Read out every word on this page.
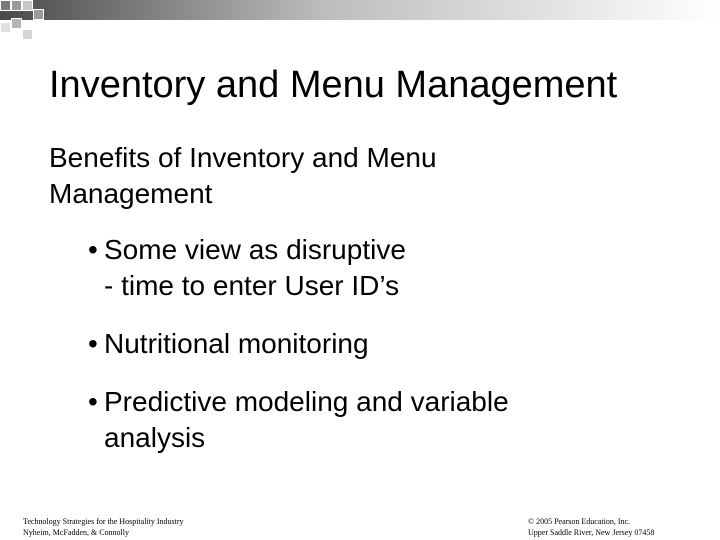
Inventory and Menu Management
Benefits of Inventory and Menu Management
• Some view as disruptive
- time to enter User ID’s
• Nutritional monitoring
• Predictive modeling and variable
analysis
Technology Strategies for the Hospitality Industry
Nyheim, McFadden, & Connolly
© 2005 Pearson Education, Inc.
Upper Saddle River, New Jersey 07458
